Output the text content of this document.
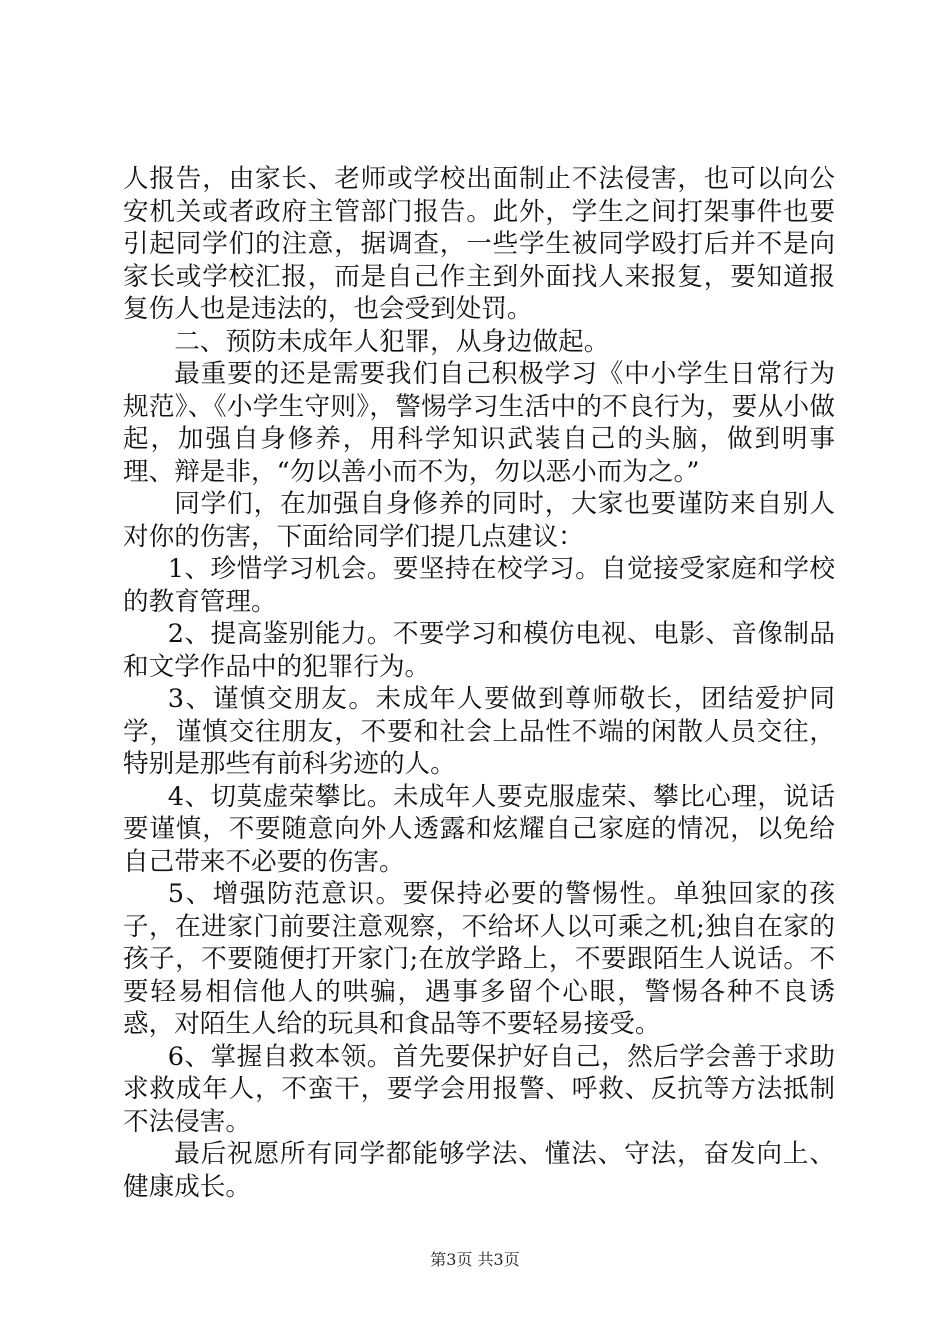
人报告，由家长、老师或学校出面制止不法侵害，也可以向公安机关或者政府主管部门报告。此外，学生之间打架事件也要引起同学们的注意，据调查，一些学生被同学殴打后并不是向家长或学校汇报，而是自己作主到外面找人来报复，要知道报复伤人也是违法的，也会受到处罚。

二、预防未成年人犯罪，从身边做起。

最重要的还是需要我们自己积极学习《中小学生日常行为规范》、《小学生守则》，警惕学习生活中的不良行为，要从小做起，加强自身修养，用科学知识武装自己的头脑，做到明事理、辩是非，“勿以善小而不为，勿以恶小而为之。”

同学们，在加强自身修养的同时，大家也要谨防来自别人对你的伤害，下面给同学们提几点建议：

1、珍惜学习机会。要坚持在校学习。自觉接受家庭和学校的教育管理。

2、提高鉴别能力。不要学习和模仿电视、电影、音像制品和文学作品中的犯罪行为。

3、谨慎交朋友。未成年人要做到尊师敬长，团结爱护同学，谨慎交往朋友，不要和社会上品性不端的闲散人员交往，特别是那些有前科劣迹的人。

4、切莫虚荣攀比。未成年人要克服虚荣、攀比心理，说话要谨慎，不要随意向外人透露和炫耀自己家庭的情况，以免给自己带来不必要的伤害。

5、增强防范意识。要保持必要的警惕性。单独回家的孩子，在进家门前要注意观察，不给坏人以可乘之机;独自在家的孩子，不要随便打开家门;在放学路上，不要跟陌生人说话。不要轻易相信他人的哄骗，遇事多留个心眼，警惕各种不良诱惑，对陌生人给的玩具和食品等不要轻易接受。

6、掌握自救本领。首先要保护好自己，然后学会善于求助求救成年人，不蛮干，要学会用报警、呼救、反抗等方法抵制不法侵害。

最后祝愿所有同学都能够学法、懂法、守法，奋发向上、健康成长。

第3页 共3页
